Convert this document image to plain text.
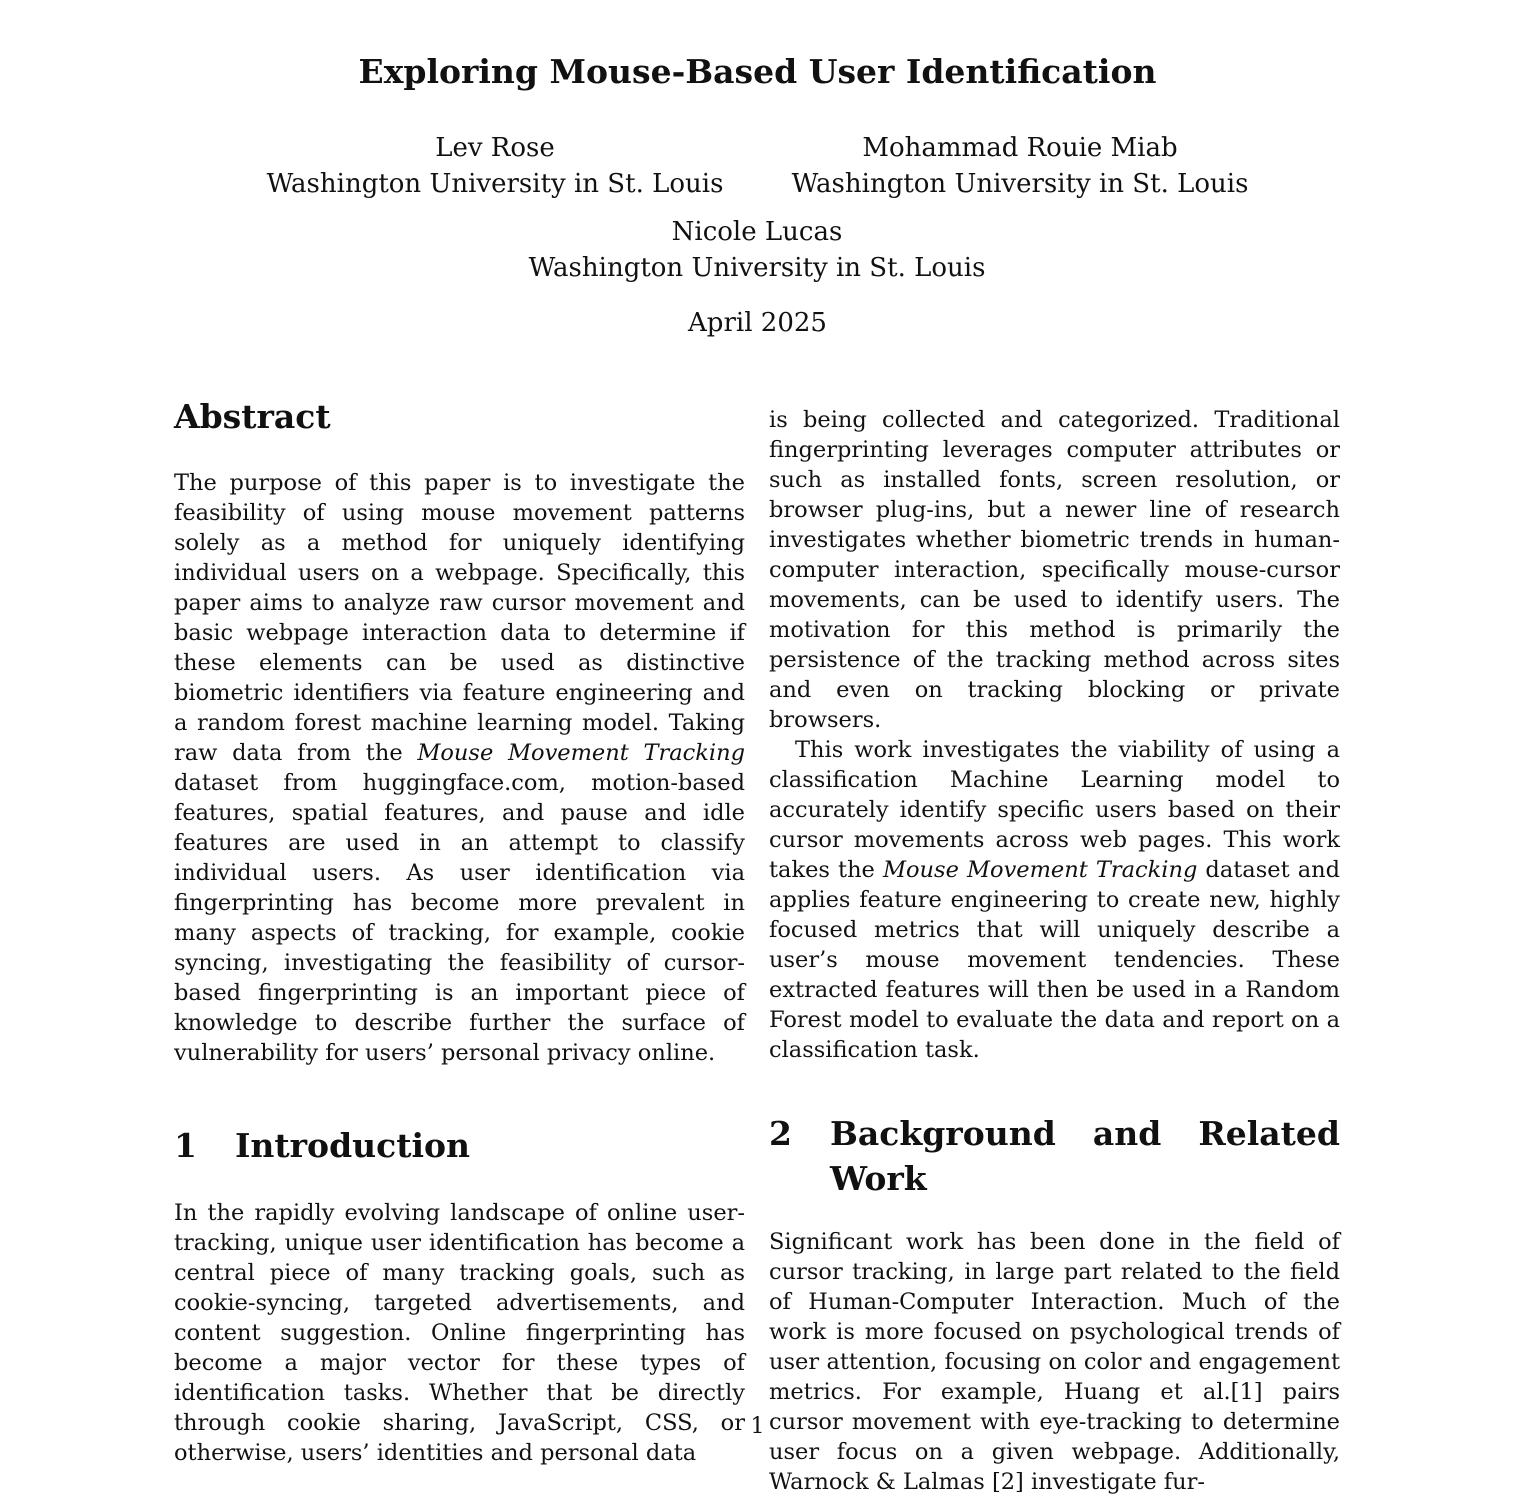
Exploring Mouse-Based User Identification
Lev Rose
Washington University in St. Louis
Mohammad Rouie Miab
Washington University in St. Louis
Nicole Lucas
Washington University in St. Louis
April 2025
Abstract

The purpose of this paper is to investigate the feasibility of using mouse movement patterns solely as a method for uniquely identifying individual users on a webpage. Specifically, this paper aims to analyze raw cursor movement and basic webpage interaction data to determine if these elements can be used as distinctive biometric identifiers via feature engineering and a random forest machine learning model. Taking raw data from the Mouse Movement Tracking dataset from huggingface.com, motion-based features, spatial features, and pause and idle features are used in an attempt to classify individual users. As user identification via fingerprinting has become more prevalent in many aspects of tracking, for example, cookie syncing, investigating the feasibility of cursor-based fingerprinting is an important piece of knowledge to describe further the surface of vulnerability for users’ personal privacy online.

1	Introduction

In the rapidly evolving landscape of online user-tracking, unique user identification has become a central piece of many tracking goals, such as cookie-syncing, targeted advertisements, and content suggestion. Online fingerprinting has become a major vector for these types of identification tasks. Whether that be directly through cookie sharing, JavaScript, CSS, or otherwise, users’ identities and personal data

is being collected and categorized. Traditional fingerprinting leverages computer attributes or such as installed fonts, screen resolution, or browser plug-ins, but a newer line of research investigates whether biometric trends in human-computer interaction, specifically mouse-cursor movements, can be used to identify users. The motivation for this method is primarily the persistence of the tracking method across sites and even on tracking blocking or private browsers.

This work investigates the viability of using a classification Machine Learning model to accurately identify specific users based on their cursor movements across web pages. This work takes the Mouse Movement Tracking dataset and applies feature engineering to create new, highly focused metrics that will uniquely describe a user’s mouse movement tendencies. These extracted features will then be used in a Random Forest model to evaluate the data and report on a classification task.

2	Background and Related Work

Significant work has been done in the field of cursor tracking, in large part related to the field of Human-Computer Interaction. Much of the work is more focused on psychological trends of user attention, focusing on color and engagement metrics. For example, Huang et al.[1] pairs cursor movement with eye-tracking to determine user focus on a given webpage. Additionally, Warnock & Lalmas [2] investigate fur-

1
